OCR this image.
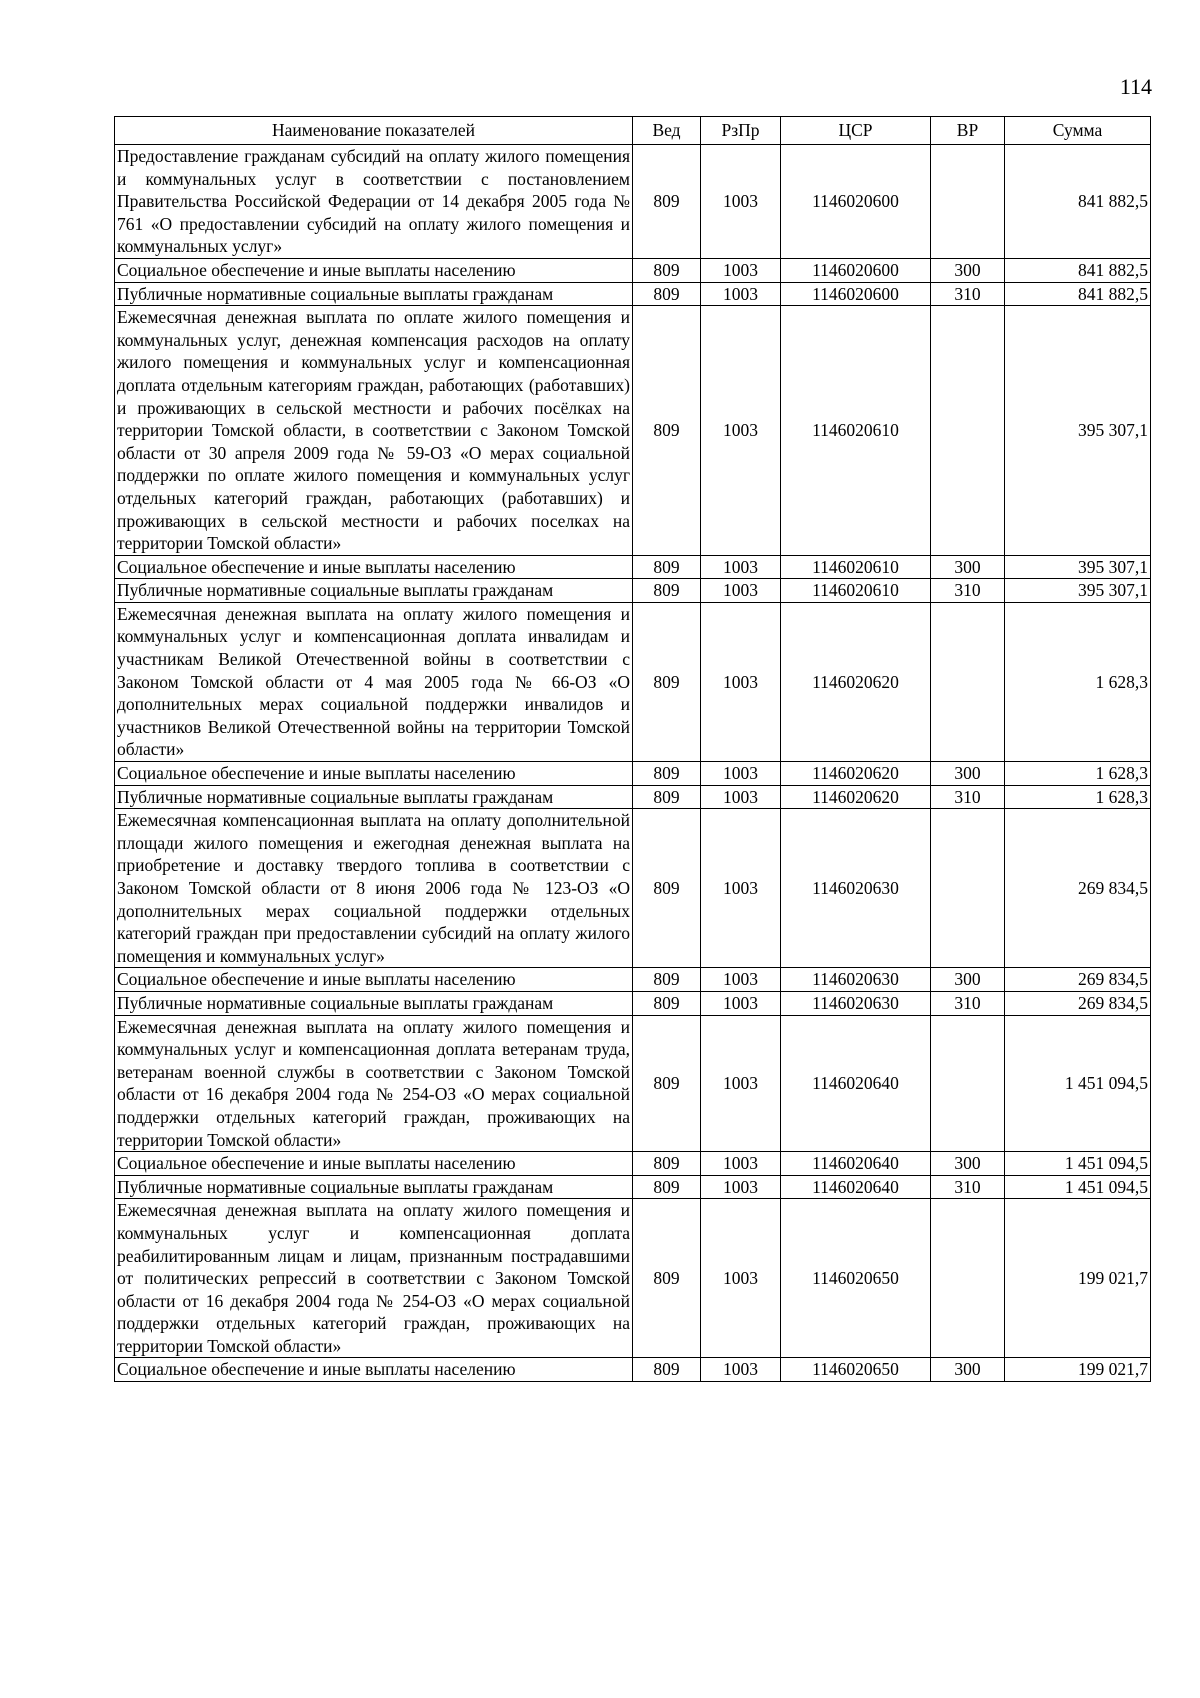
114
Наименование показателей	Вед	РзПр	ЦСР	ВР	Сумма
Предоставление гражданам субсидий на оплату жилого помещения и коммунальных услуг в соответствии с постановлением Правительства Российской Федерации от 14 декабря 2005 года № 761 «О предоставлении субсидий на оплату жилого помещения и коммунальных услуг»	809	1003	1146020600		841 882,5
Социальное обеспечение и иные выплаты населению	809	1003	1146020600	300	841 882,5
Публичные нормативные социальные выплаты гражданам	809	1003	1146020600	310	841 882,5
Ежемесячная денежная выплата по оплате жилого помещения и коммунальных услуг, денежная компенсация расходов на оплату жилого помещения и коммунальных услуг и компенсационная доплата отдельным категориям граждан, работающих (работавших) и проживающих в сельской местности и рабочих посёлках на территории Томской области, в соответствии с Законом Томской области от 30 апреля 2009 года № 59-ОЗ «О мерах социальной поддержки по оплате жилого помещения и коммунальных услуг отдельных категорий граждан, работающих (работавших) и проживающих в сельской местности и рабочих поселках на территории Томской области»	809	1003	1146020610		395 307,1
Социальное обеспечение и иные выплаты населению	809	1003	1146020610	300	395 307,1
Публичные нормативные социальные выплаты гражданам	809	1003	1146020610	310	395 307,1
Ежемесячная денежная выплата на оплату жилого помещения и коммунальных услуг и компенсационная доплата инвалидам и участникам Великой Отечественной войны в соответствии с Законом Томской области от 4 мая 2005 года № 66-ОЗ «О дополнительных мерах социальной поддержки инвалидов и участников Великой Отечественной войны на территории Томской области»	809	1003	1146020620		1 628,3
Социальное обеспечение и иные выплаты населению	809	1003	1146020620	300	1 628,3
Публичные нормативные социальные выплаты гражданам	809	1003	1146020620	310	1 628,3
Ежемесячная компенсационная выплата на оплату дополнительной площади жилого помещения и ежегодная денежная выплата на приобретение и доставку твердого топлива в соответствии с Законом Томской области от 8 июня 2006 года № 123-ОЗ «О дополнительных мерах социальной поддержки отдельных категорий граждан при предоставлении субсидий на оплату жилого помещения и коммунальных услуг»	809	1003	1146020630		269 834,5
Социальное обеспечение и иные выплаты населению	809	1003	1146020630	300	269 834,5
Публичные нормативные социальные выплаты гражданам	809	1003	1146020630	310	269 834,5
Ежемесячная денежная выплата на оплату жилого помещения и коммунальных услуг и компенсационная доплата ветеранам труда, ветеранам военной службы в соответствии с Законом Томской области от 16 декабря 2004 года № 254-ОЗ «О мерах социальной поддержки отдельных категорий граждан, проживающих на территории Томской области»	809	1003	1146020640		1 451 094,5
Социальное обеспечение и иные выплаты населению	809	1003	1146020640	300	1 451 094,5
Публичные нормативные социальные выплаты гражданам	809	1003	1146020640	310	1 451 094,5
Ежемесячная денежная выплата на оплату жилого помещения и коммунальных услуг и компенсационная доплата реабилитированным лицам и лицам, признанным пострадавшими от политических репрессий в соответствии с Законом Томской области от 16 декабря 2004 года № 254-ОЗ «О мерах социальной поддержки отдельных категорий граждан, проживающих на территории Томской области»	809	1003	1146020650		199 021,7
Социальное обеспечение и иные выплаты населению	809	1003	1146020650	300	199 021,7
